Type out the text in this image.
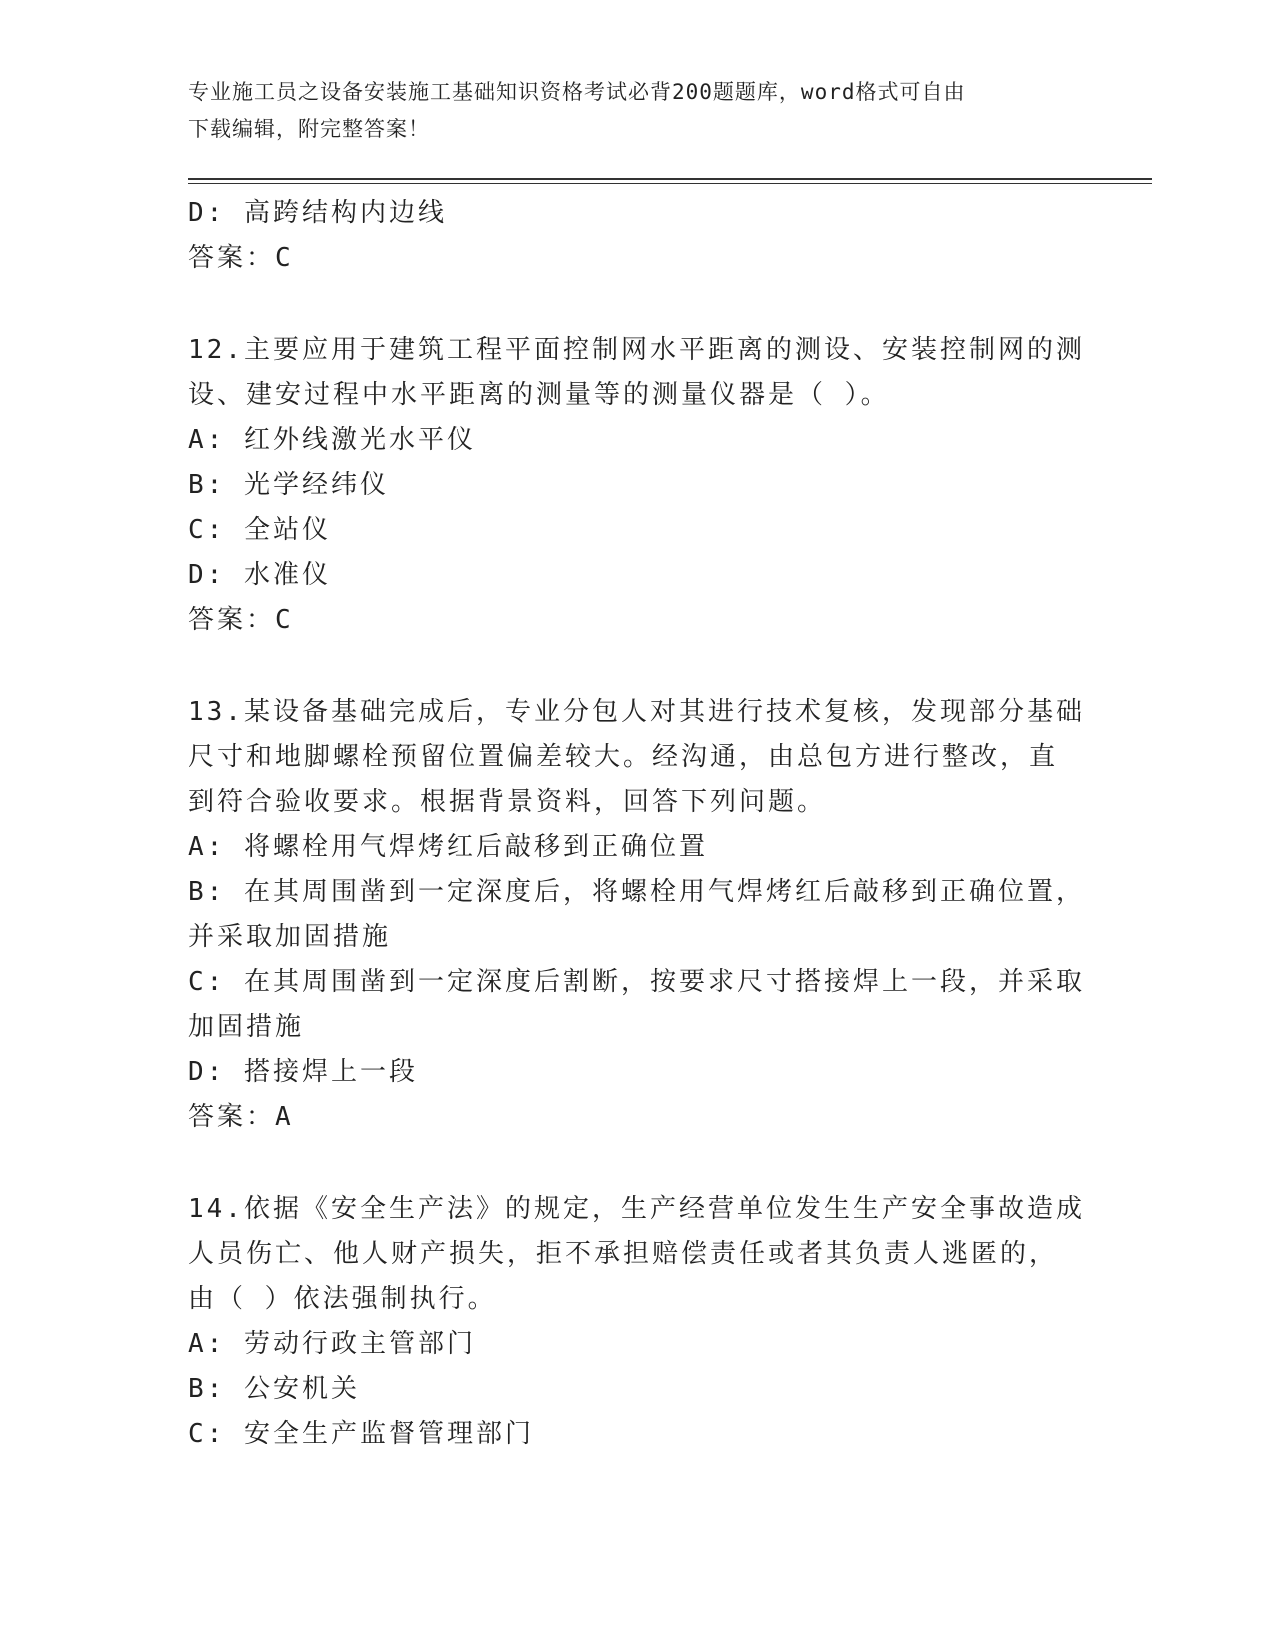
专业施工员之设备安装施工基础知识资格考试必背200题题库，word格式可自由
下载编辑，附完整答案！

D: 高跨结构内边线

答案：C

12.主要应用于建筑工程平面控制网水平距离的测设、安装控制网的测

设、建安过程中水平距离的测量等的测量仪器是（ ）。

A: 红外线激光水平仪

B: 光学经纬仪

C: 全站仪

D: 水准仪

答案：C

13.某设备基础完成后，专业分包人对其进行技术复核，发现部分基础

尺寸和地脚螺栓预留位置偏差较大。经沟通，由总包方进行整改，直

到符合验收要求。根据背景资料，回答下列问题。

A: 将螺栓用气焊烤红后敲移到正确位置

B: 在其周围凿到一定深度后，将螺栓用气焊烤红后敲移到正确位置，

并采取加固措施

C: 在其周围凿到一定深度后割断，按要求尺寸搭接焊上一段，并采取

加固措施

D: 搭接焊上一段

答案：A

14.依据《安全生产法》的规定，生产经营单位发生生产安全事故造成

人员伤亡、他人财产损失，拒不承担赔偿责任或者其负责人逃匿的，

由（ ）依法强制执行。

A: 劳动行政主管部门

B: 公安机关

C: 安全生产监督管理部门
